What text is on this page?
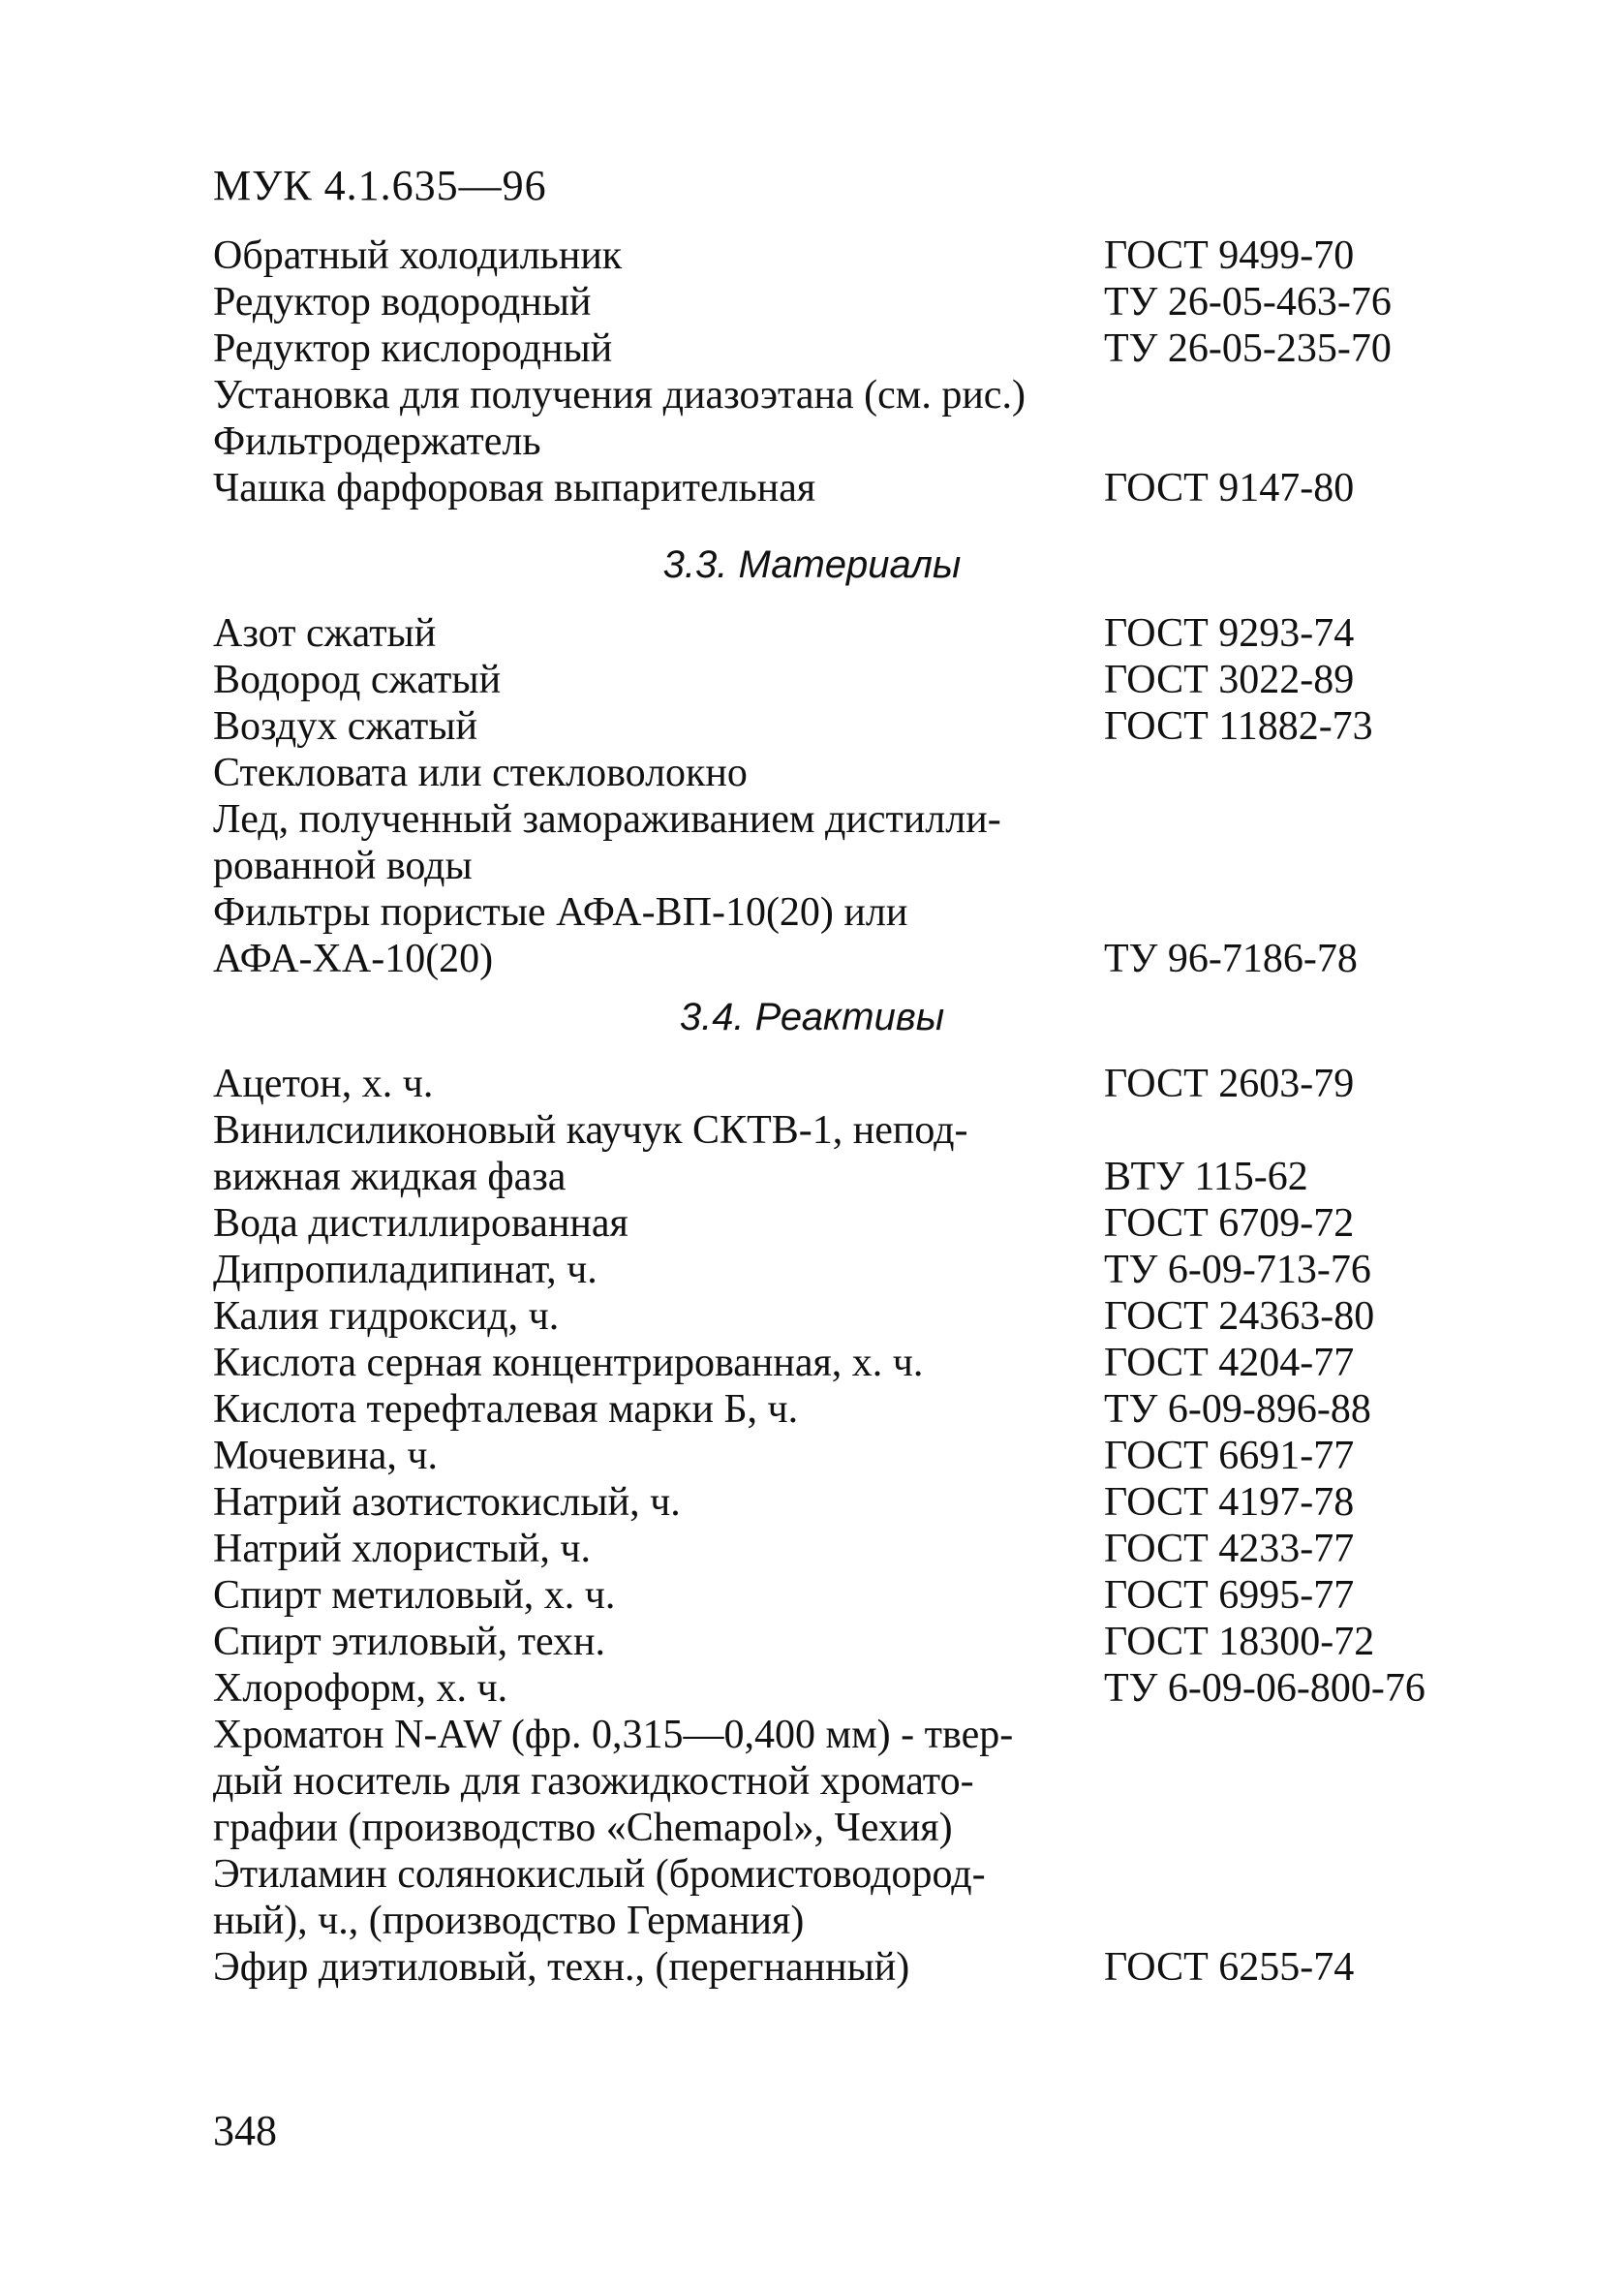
МУК 4.1.635—96
Обратный холодильник	ГОСТ 9499-70
Редуктор водородный	ТУ 26-05-463-76
Редуктор кислородный	ТУ 26-05-235-70
Установка для получения диазоэтана (см. рис.)
Фильтродержатель
Чашка фарфоровая выпарительная	ГОСТ 9147-80
3.3. Материалы
Азот сжатый	ГОСТ 9293-74
Водород сжатый	ГОСТ 3022-89
Воздух сжатый	ГОСТ 11882-73
Стекловата или стекловолокно
Лед, полученный замораживанием дистилли-
рованной воды
Фильтры пористые АФА-ВП-10(20) или
АФА-ХА-10(20)	ТУ 96-7186-78
3.4. Реактивы
Ацетон, х. ч.	ГОСТ 2603-79
Винилсиликоновый каучук СКТВ-1, непод-
вижная жидкая фаза	ВТУ 115-62
Вода дистиллированная	ГОСТ 6709-72
Дипропиладипинат, ч.	ТУ 6-09-713-76
Калия гидроксид, ч.	ГОСТ 24363-80
Кислота серная концентрированная, х. ч.	ГОСТ 4204-77
Кислота терефталевая марки Б, ч.	ТУ 6-09-896-88
Мочевина, ч.	ГОСТ 6691-77
Натрий азотистокислый, ч.	ГОСТ 4197-78
Натрий хлористый, ч.	ГОСТ 4233-77
Спирт метиловый, х. ч.	ГОСТ 6995-77
Спирт этиловый, техн.	ГОСТ 18300-72
Хлороформ, х. ч.	ТУ 6-09-06-800-76
Хроматон N-AW (фр. 0,315—0,400 мм) - твер-
дый носитель для газожидкостной хромато-
графии (производство «Chemapol», Чехия)
Этиламин солянокислый (бромистоводород-
ный), ч., (производство Германия)
Эфир диэтиловый, техн., (перегнанный)	ГОСТ 6255-74
348
